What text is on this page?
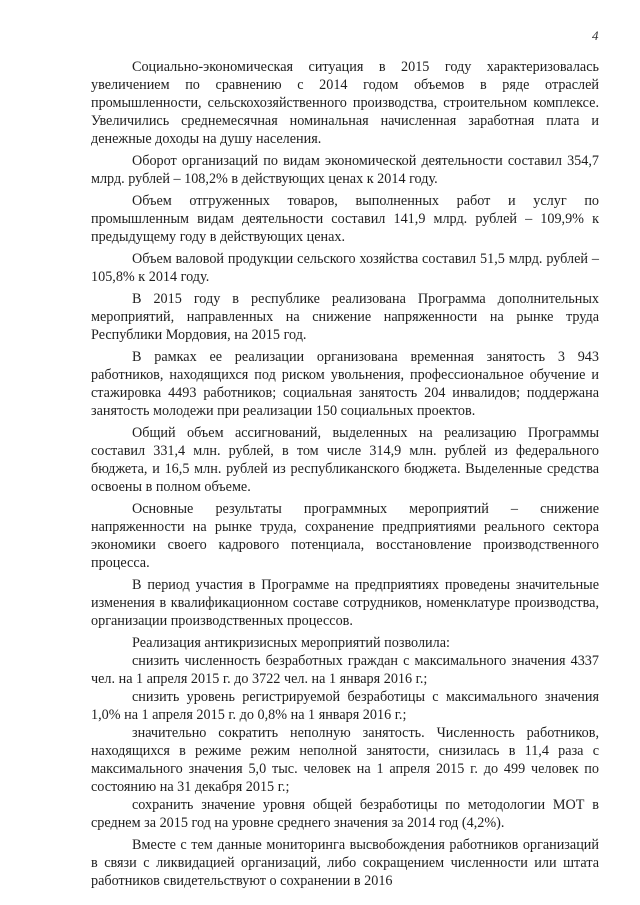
4

Социально-экономическая ситуация в 2015 году характеризовалась увеличением по сравнению с 2014 годом объемов в ряде отраслей промышленности, сельскохозяйственного производства, строительном комплексе. Увеличились среднемесячная номинальная начисленная заработная плата и денежные доходы на душу населения.

Оборот организаций по видам экономической деятельности составил 354,7 млрд. рублей – 108,2% в действующих ценах к 2014 году.

Объем отгруженных товаров, выполненных работ и услуг по промышленным видам деятельности составил 141,9 млрд. рублей – 109,9% к предыдущему году в действующих ценах.

Объем валовой продукции сельского хозяйства составил 51,5 млрд. рублей – 105,8% к 2014 году.

В 2015 году в республике реализована Программа дополнительных мероприятий, направленных на снижение напряженности на рынке труда Республики Мордовия, на 2015 год.

В рамках ее реализации организована временная занятость 3 943 работников, находящихся под риском увольнения, профессиональное обучение и стажировка 4493 работников; социальная занятость 204 инвалидов; поддержана занятость молодежи при реализации 150 социальных проектов.

Общий объем ассигнований, выделенных на реализацию Программы составил 331,4 млн. рублей, в том числе 314,9 млн. рублей из федерального бюджета, и 16,5 млн. рублей из республиканского бюджета. Выделенные средства освоены в полном объеме.

Основные результаты программных мероприятий – снижение напряженности на рынке труда, сохранение предприятиями реального сектора экономики своего кадрового потенциала, восстановление производственного процесса.

В период участия в Программе на предприятиях проведены значительные изменения в квалификационном составе сотрудников, номенклатуре производства, организации производственных процессов.

Реализация антикризисных мероприятий позволила:

снизить численность безработных граждан с максимального значения 4337 чел. на 1 апреля 2015 г. до 3722 чел. на 1 января 2016 г.;

снизить уровень регистрируемой безработицы с максимального значения 1,0% на 1 апреля 2015 г. до 0,8% на 1 января 2016 г.;

значительно сократить неполную занятость. Численность работников, находящихся в режиме режим неполной занятости, снизилась в 11,4 раза с максимального значения 5,0 тыс. человек на 1 апреля 2015 г. до 499 человек по состоянию на 31 декабря 2015 г.;

сохранить значение уровня общей безработицы по методологии МОТ в среднем за 2015 год на уровне среднего значения за 2014 год (4,2%).

Вместе с тем данные мониторинга высвобождения работников организаций в связи с ликвидацией организаций, либо сокращением численности или штата работников свидетельствуют о сохранении в 2016
